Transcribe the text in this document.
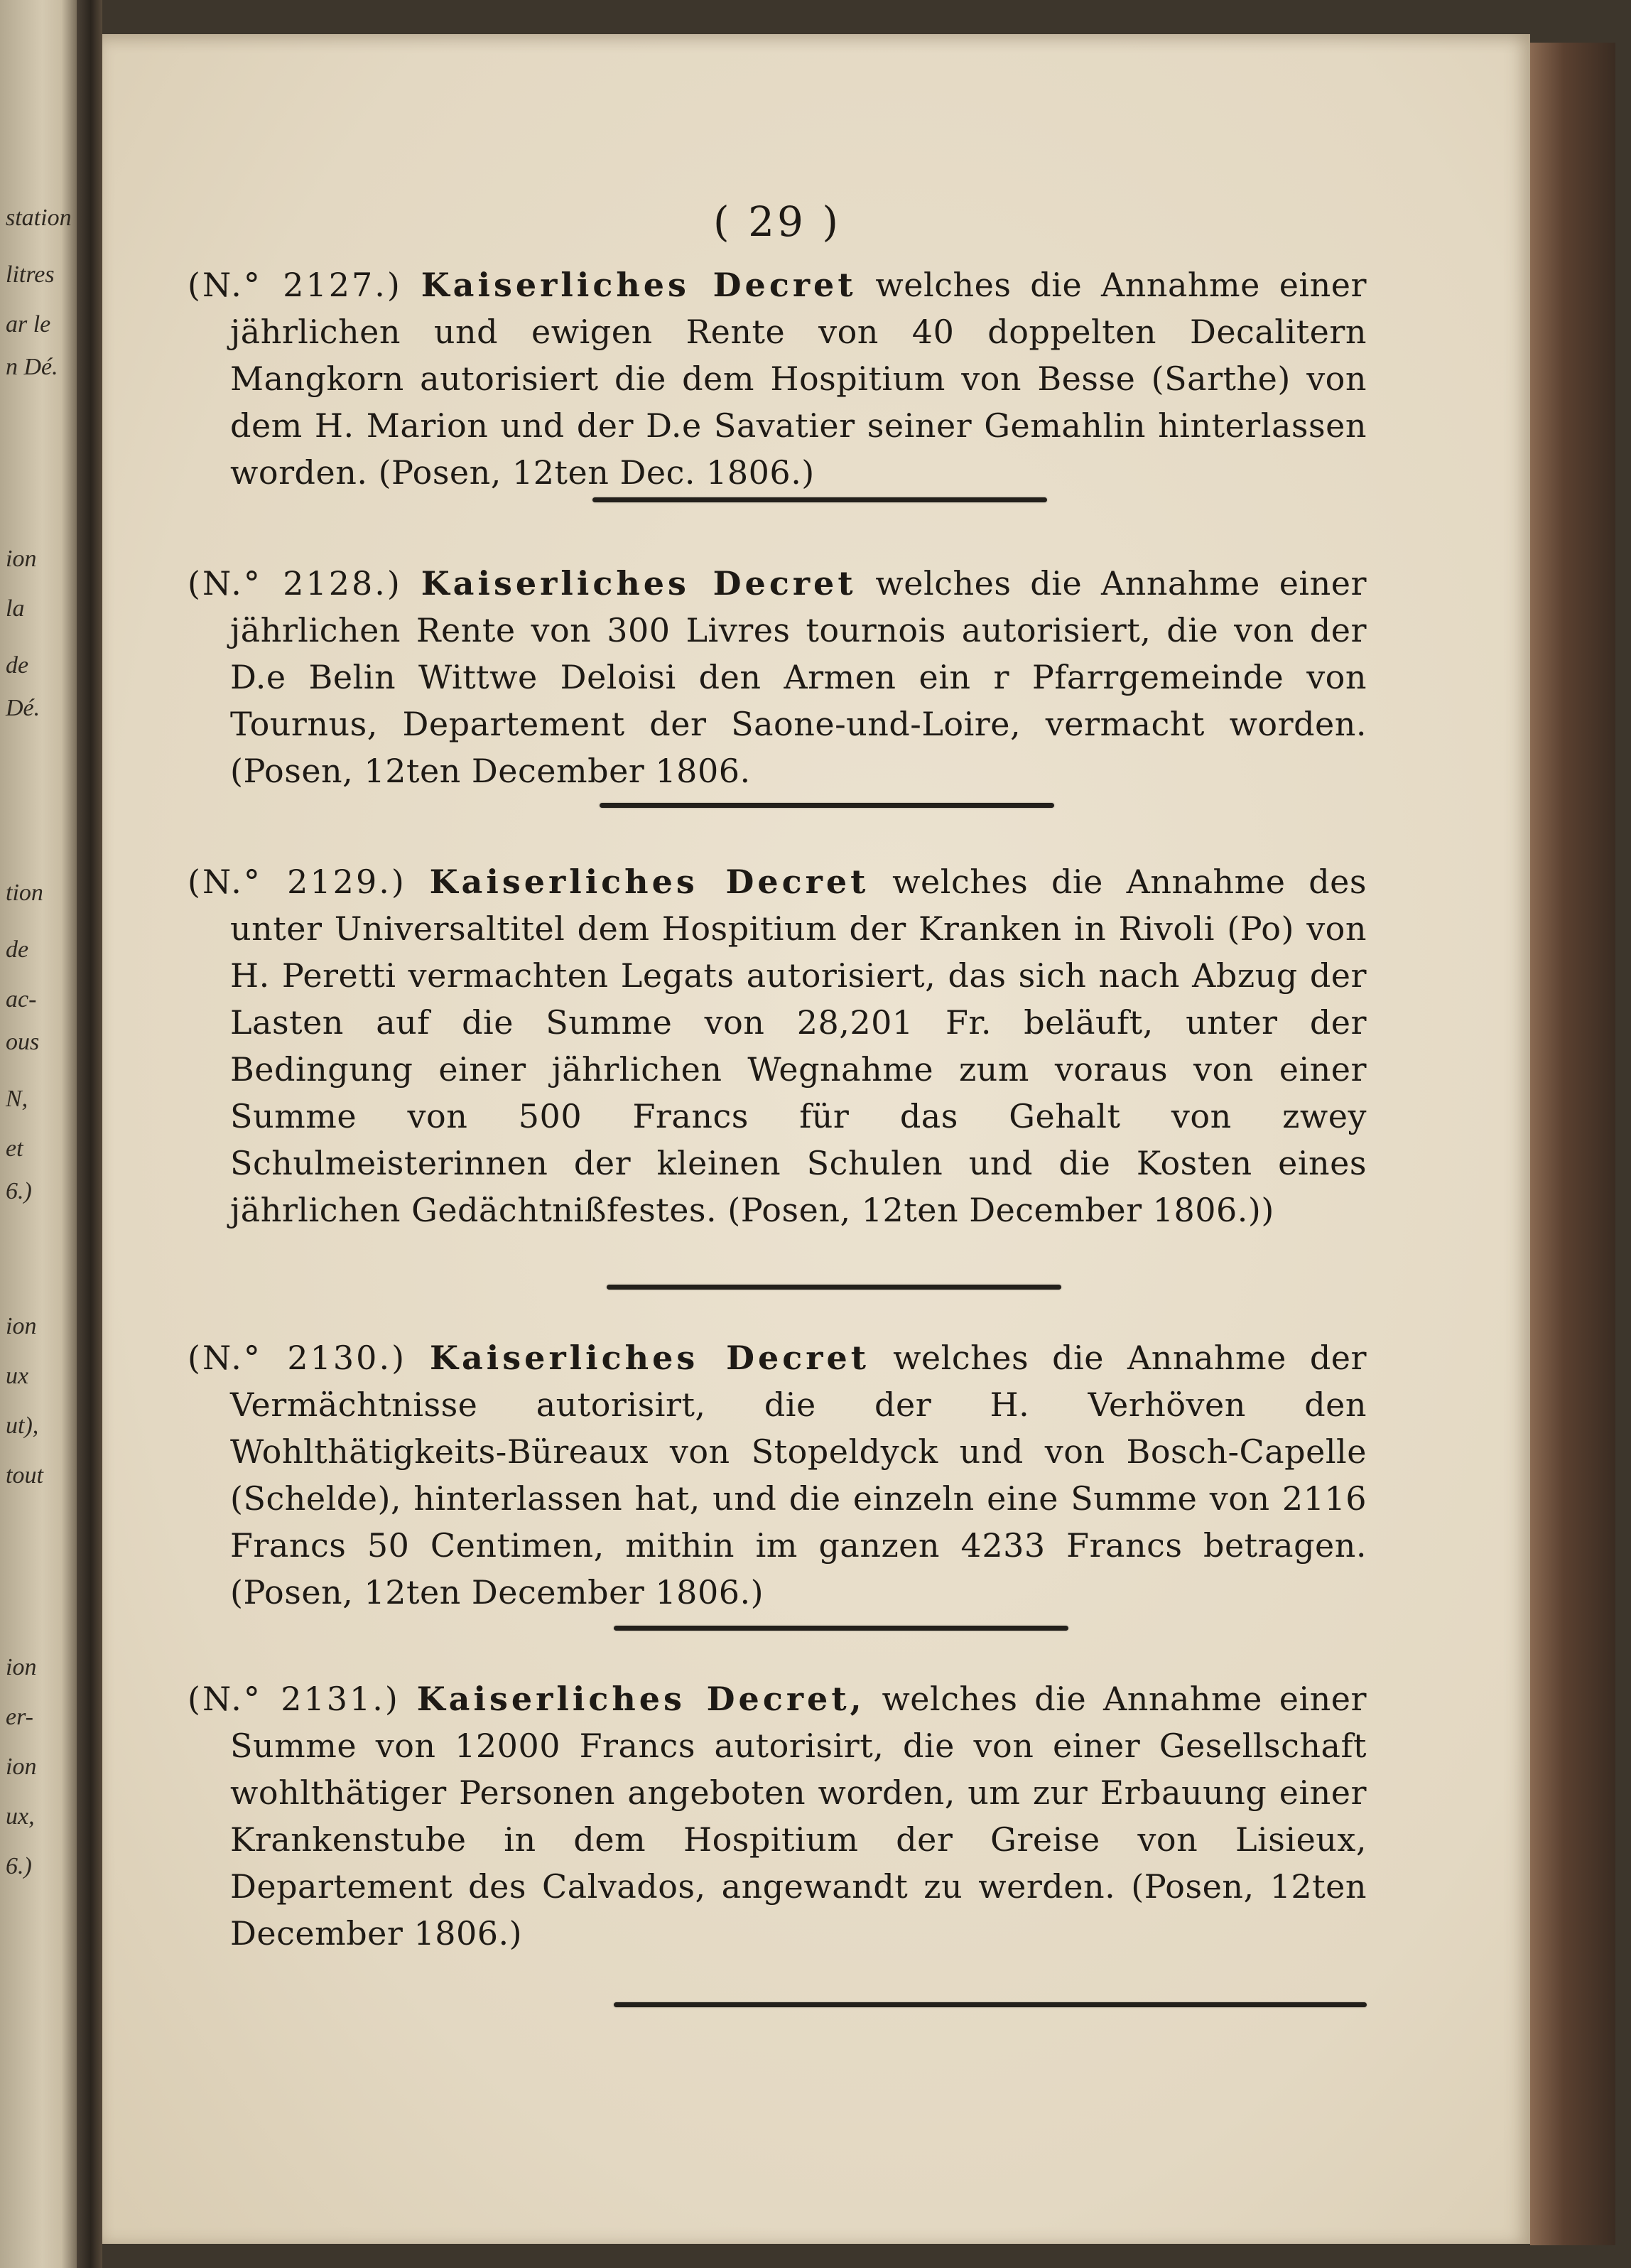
station
litres
ar le
n Dé.
ion
la
de
Dé.
tion
de
ac-
ous
N,
et
6.)
ion
ux
ut),
tout
ion
er-
ion
ux,
6.)
( 29 )

(N.° 2127.) Kaiserliches Decret welches die Annahme einer jährlichen und ewigen Rente von 40 doppelten Decalitern Mangkorn autorisiert die dem Hospitium von Besse (Sarthe) von dem H. Marion und der D.e Savatier seiner Gemahlin hinterlassen worden. (Posen, 12ten Dec. 1806.)

(N.° 2128.) Kaiserliches Decret welches die Annahme einer jährlichen Rente von 300 Livres tournois autorisiert, die von der D.e Belin Wittwe Deloisi den Armen ein r Pfarrgemeinde von Tournus, Departement der Saone-und-Loire, vermacht worden. (Posen, 12ten December 1806.

(N.° 2129.) Kaiserliches Decret welches die Annahme des unter Universaltitel dem Hospitium der Kranken in Rivoli (Po) von H. Peretti vermachten Legats autorisiert, das sich nach Abzug der Lasten auf die Summe von 28,201 Fr. beläuft, unter der Bedingung einer jährlichen Wegnahme zum voraus von einer Summe von 500 Francs für das Gehalt von zwey Schulmeisterinnen der kleinen Schulen und die Kosten eines jährlichen Gedächtnißfestes. (Posen, 12ten December 1806.))

(N.° 2130.) Kaiserliches Decret welches die Annahme der Vermächtnisse autorisirt, die der H. Verhöven den Wohlthätigkeits-Büreaux von Stopeldyck und von Bosch-Capelle (Schelde), hinterlassen hat, und die einzeln eine Summe von 2116 Francs 50 Centimen, mithin im ganzen 4233 Francs betragen. (Posen, 12ten December 1806.)

(N.° 2131.) Kaiserliches Decret, welches die Annahme einer Summe von 12000 Francs autorisirt, die von einer Gesellschaft wohlthätiger Personen angeboten worden, um zur Erbauung einer Krankenstube in dem Hospitium der Greise von Lisieux, Departement des Calvados, angewandt zu werden. (Posen, 12ten December 1806.)
